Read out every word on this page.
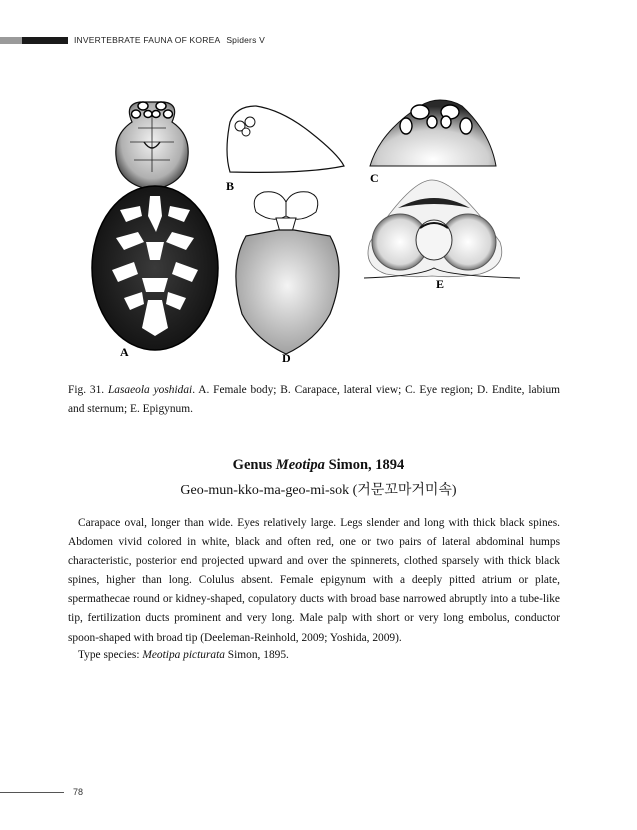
INVERTEBRATE FAUNA OF KOREA Spiders V
A
B
C
D
E
Fig. 31. Lasaeola yoshidai. A. Female body; B. Carapace, lateral view; C. Eye region; D. Endite, labium and sternum; E. Epigynum.
Genus Meotipa Simon, 1894
Geo-mun-kko-ma-geo-mi-sok (거문꼬마거미속)

Carapace oval, longer than wide. Eyes relatively large. Legs slender and long with thick black spines. Abdomen vivid colored in white, black and often red, one or two pairs of lateral abdominal humps characteristic, posterior end projected upward and over the spinnerets, clothed sparsely with thick black spines, higher than long. Colulus absent. Female epigynum with a deeply pitted atrium or plate, spermathecae round or kidney-shaped, copulatory ducts with broad base narrowed abruptly into a tube-like tip, fertilization ducts prominent and very long. Male palp with short or very long embolus, conductor spoon-shaped with broad tip (Deeleman-Reinhold, 2009; Yoshida, 2009).

Type species: Meotipa picturata Simon, 1895.
78
